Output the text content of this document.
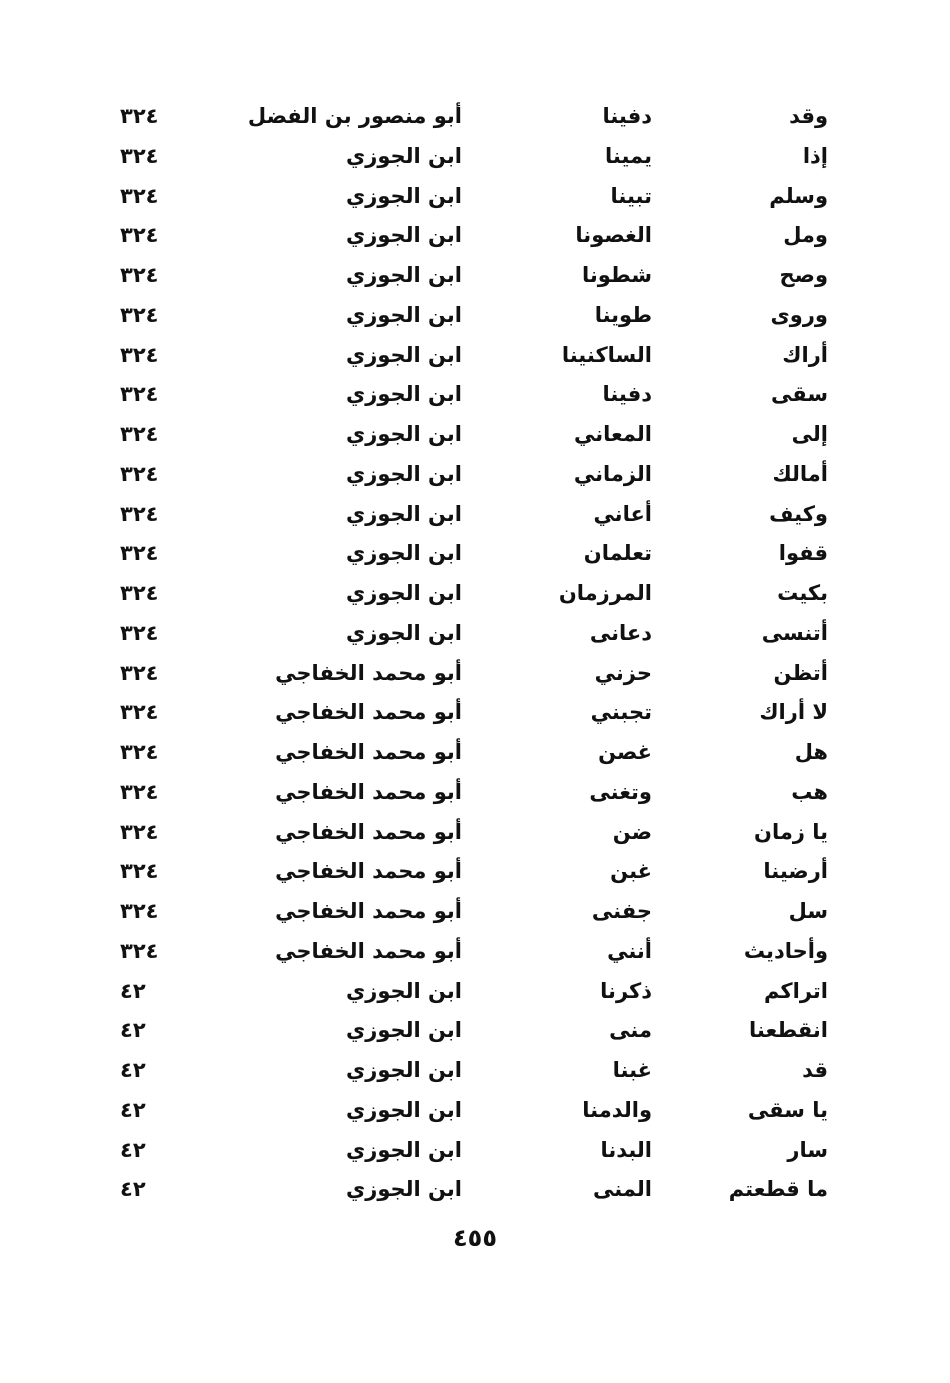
وقد
دفينا
أبو منصور بن الفضل
٣٢٤
إذا
يمينا
ابن الجوزي
٣٢٤
وسلم
تبينا
ابن الجوزي
٣٢٤
ومل
الغصونا
ابن الجوزي
٣٢٤
وصح
شطونا
ابن الجوزي
٣٢٤
وروى
طوينا
ابن الجوزي
٣٢٤
أراك
الساكنينا
ابن الجوزي
٣٢٤
سقى
دفينا
ابن الجوزي
٣٢٤
إلى
المعاني
ابن الجوزي
٣٢٤
أمالك
الزماني
ابن الجوزي
٣٢٤
وكيف
أعاني
ابن الجوزي
٣٢٤
قفوا
تعلمان
ابن الجوزي
٣٢٤
بكيت
المرزمان
ابن الجوزي
٣٢٤
أتنسى
دعانى
ابن الجوزي
٣٢٤
أتظن
حزني
أبو محمد الخفاجي
٣٢٤
لا أراك
تجبني
أبو محمد الخفاجي
٣٢٤
هل
غصن
أبو محمد الخفاجي
٣٢٤
هب
وتغنى
أبو محمد الخفاجي
٣٢٤
يا زمان
ضن
أبو محمد الخفاجي
٣٢٤
أرضينا
غبن
أبو محمد الخفاجي
٣٢٤
سل
جفنى
أبو محمد الخفاجي
٣٢٤
وأحاديث
أنني
أبو محمد الخفاجي
٣٢٤
اتراكم
ذكرنا
ابن الجوزي
٤٢
انقطعنا
منى
ابن الجوزي
٤٢
قد
غبنا
ابن الجوزي
٤٢
يا سقى
والدمنا
ابن الجوزي
٤٢
سار
البدنا
ابن الجوزي
٤٢
ما قطعتم
المنى
ابن الجوزي
٤٢
٤٥٥
